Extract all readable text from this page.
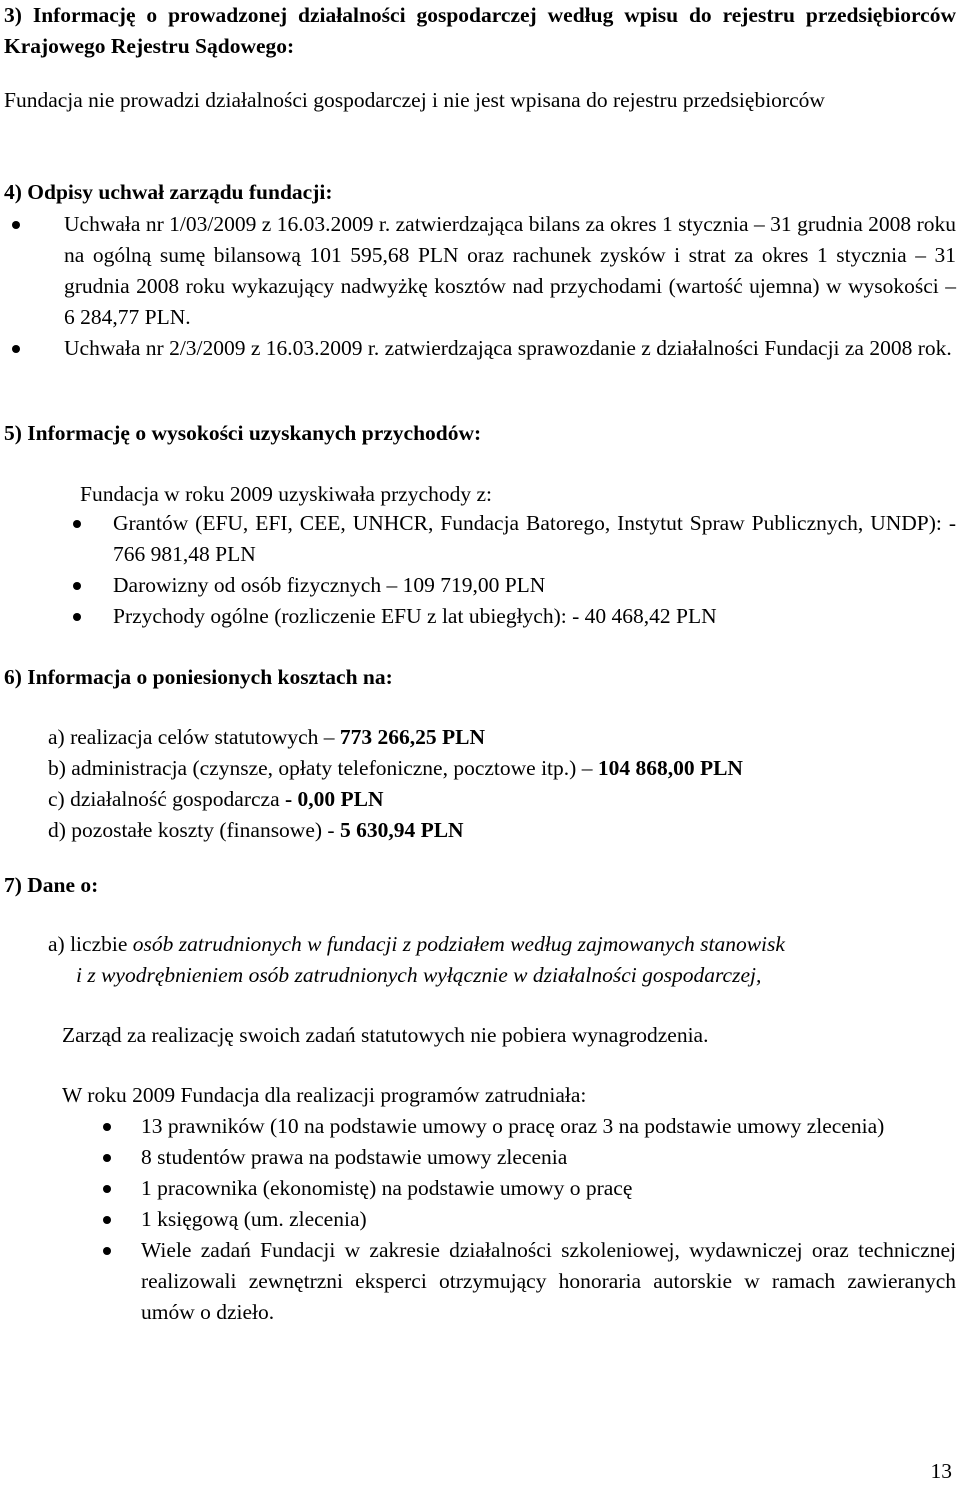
3) Informację o prowadzonej działalności gospodarczej według wpisu do rejestru przedsiębiorców Krajowego Rejestru Sądowego:

Fundacja nie prowadzi działalności gospodarczej i nie jest wpisana do rejestru przedsiębiorców

4) Odpisy uchwał zarządu fundacji:

Uchwała nr 1/03/2009 z 16.03.2009 r. zatwierdzająca bilans za okres 1 stycznia – 31 grudnia 2008 roku na ogólną sumę bilansową 101 595,68 PLN oraz rachunek zysków i strat za okres 1 stycznia – 31 grudnia 2008 roku wykazujący nadwyżkę kosztów nad przychodami (wartość ujemna) w wysokości – 6 284,77 PLN.
Uchwała nr 2/3/2009 z 16.03.2009 r. zatwierdzająca sprawozdanie z działalności Fundacji za 2008 rok.

5) Informację o wysokości uzyskanych przychodów:

Fundacja w roku 2009 uzyskiwała przychody z:

Grantów (EFU, EFI, CEE, UNHCR, Fundacja Batorego, Instytut Spraw Publicznych, UNDP): - 766 981,48 PLN
Darowizny od osób fizycznych – 109 719,00 PLN
Przychody ogólne (rozliczenie EFU z lat ubiegłych): - 40 468,42 PLN

6) Informacja o poniesionych kosztach na:

a) realizacja celów statutowych – 773 266,25 PLN
b) administracja (czynsze, opłaty telefoniczne, pocztowe itp.) – 104 868,00 PLN
c) działalność gospodarcza - 0,00 PLN
d) pozostałe koszty (finansowe) - 5 630,94 PLN

7) Dane o:

a) liczbie osób zatrudnionych w fundacji z podziałem według zajmowanych stanowisk

i z wyodrębnieniem osób zatrudnionych wyłącznie w działalności gospodarczej,

Zarząd za realizację swoich zadań statutowych nie pobiera wynagrodzenia.

W roku 2009 Fundacja dla realizacji programów zatrudniała:

13 prawników (10 na podstawie umowy o pracę oraz 3 na podstawie umowy zlecenia)
8 studentów prawa na podstawie umowy zlecenia
1 pracownika (ekonomistę) na podstawie umowy o pracę
1 księgową (um. zlecenia)
Wiele zadań Fundacji w zakresie działalności szkoleniowej, wydawniczej oraz technicznej realizowali zewnętrzni eksperci otrzymujący honoraria autorskie w ramach zawieranych umów o dzieło.
13
